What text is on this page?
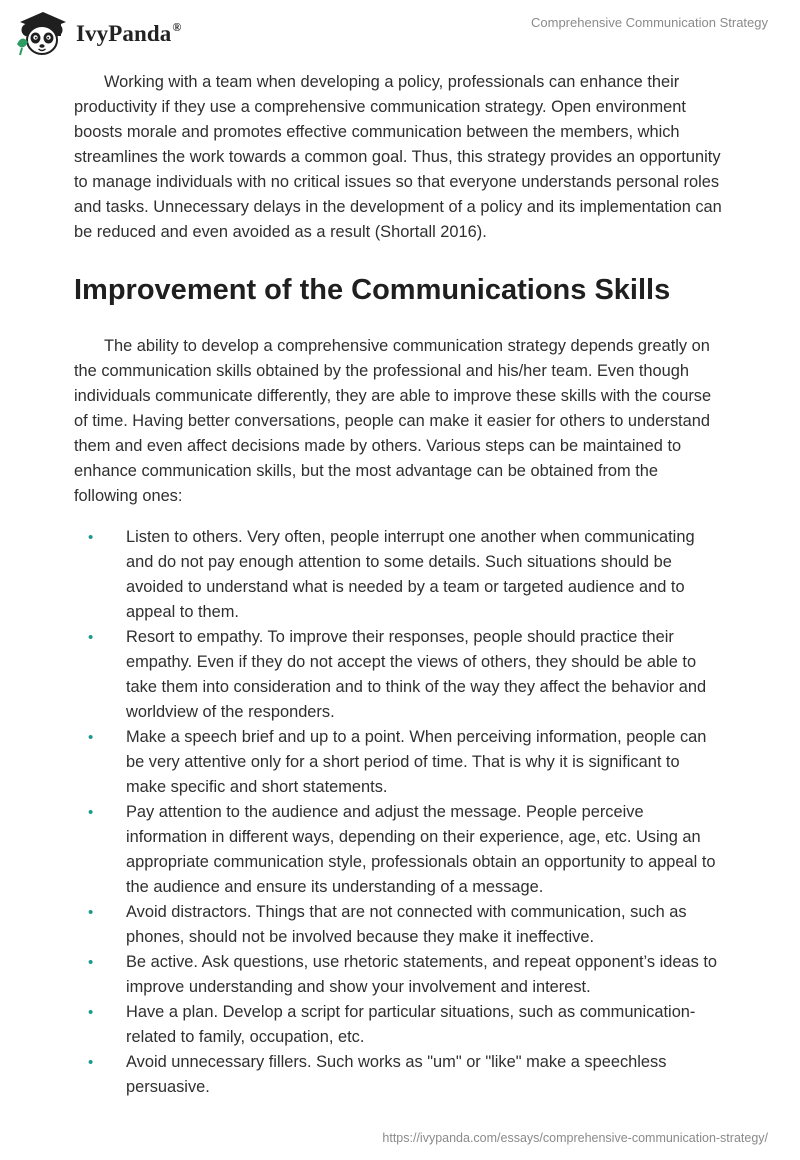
IvyPanda®	Comprehensive Communication Strategy

Working with a team when developing a policy, professionals can enhance their productivity if they use a comprehensive communication strategy. Open environment boosts morale and promotes effective communication between the members, which streamlines the work towards a common goal. Thus, this strategy provides an opportunity to manage individuals with no critical issues so that everyone understands personal roles and tasks. Unnecessary delays in the development of a policy and its implementation can be reduced and even avoided as a result (Shortall 2016).

Improvement of the Communications Skills

The ability to develop a comprehensive communication strategy depends greatly on the communication skills obtained by the professional and his/her team. Even though individuals communicate differently, they are able to improve these skills with the course of time. Having better conversations, people can make it easier for others to understand them and even affect decisions made by others. Various steps can be maintained to enhance communication skills, but the most advantage can be obtained from the following ones:

• Listen to others. Very often, people interrupt one another when communicating and do not pay enough attention to some details. Such situations should be avoided to understand what is needed by a team or targeted audience and to appeal to them.
• Resort to empathy. To improve their responses, people should practice their empathy. Even if they do not accept the views of others, they should be able to take them into consideration and to think of the way they affect the behavior and worldview of the responders.
• Make a speech brief and up to a point. When perceiving information, people can be very attentive only for a short period of time. That is why it is significant to make specific and short statements.
• Pay attention to the audience and adjust the message. People perceive information in different ways, depending on their experience, age, etc. Using an appropriate communication style, professionals obtain an opportunity to appeal to the audience and ensure its understanding of a message.
• Avoid distractors. Things that are not connected with communication, such as phones, should not be involved because they make it ineffective.
• Be active. Ask questions, use rhetoric statements, and repeat opponent’s ideas to improve understanding and show your involvement and interest.
• Have a plan. Develop a script for particular situations, such as communication-related to family, occupation, etc.
• Avoid unnecessary fillers. Such works as "um" or "like" make a speechless persuasive.
https://ivypanda.com/essays/comprehensive-communication-strategy/
